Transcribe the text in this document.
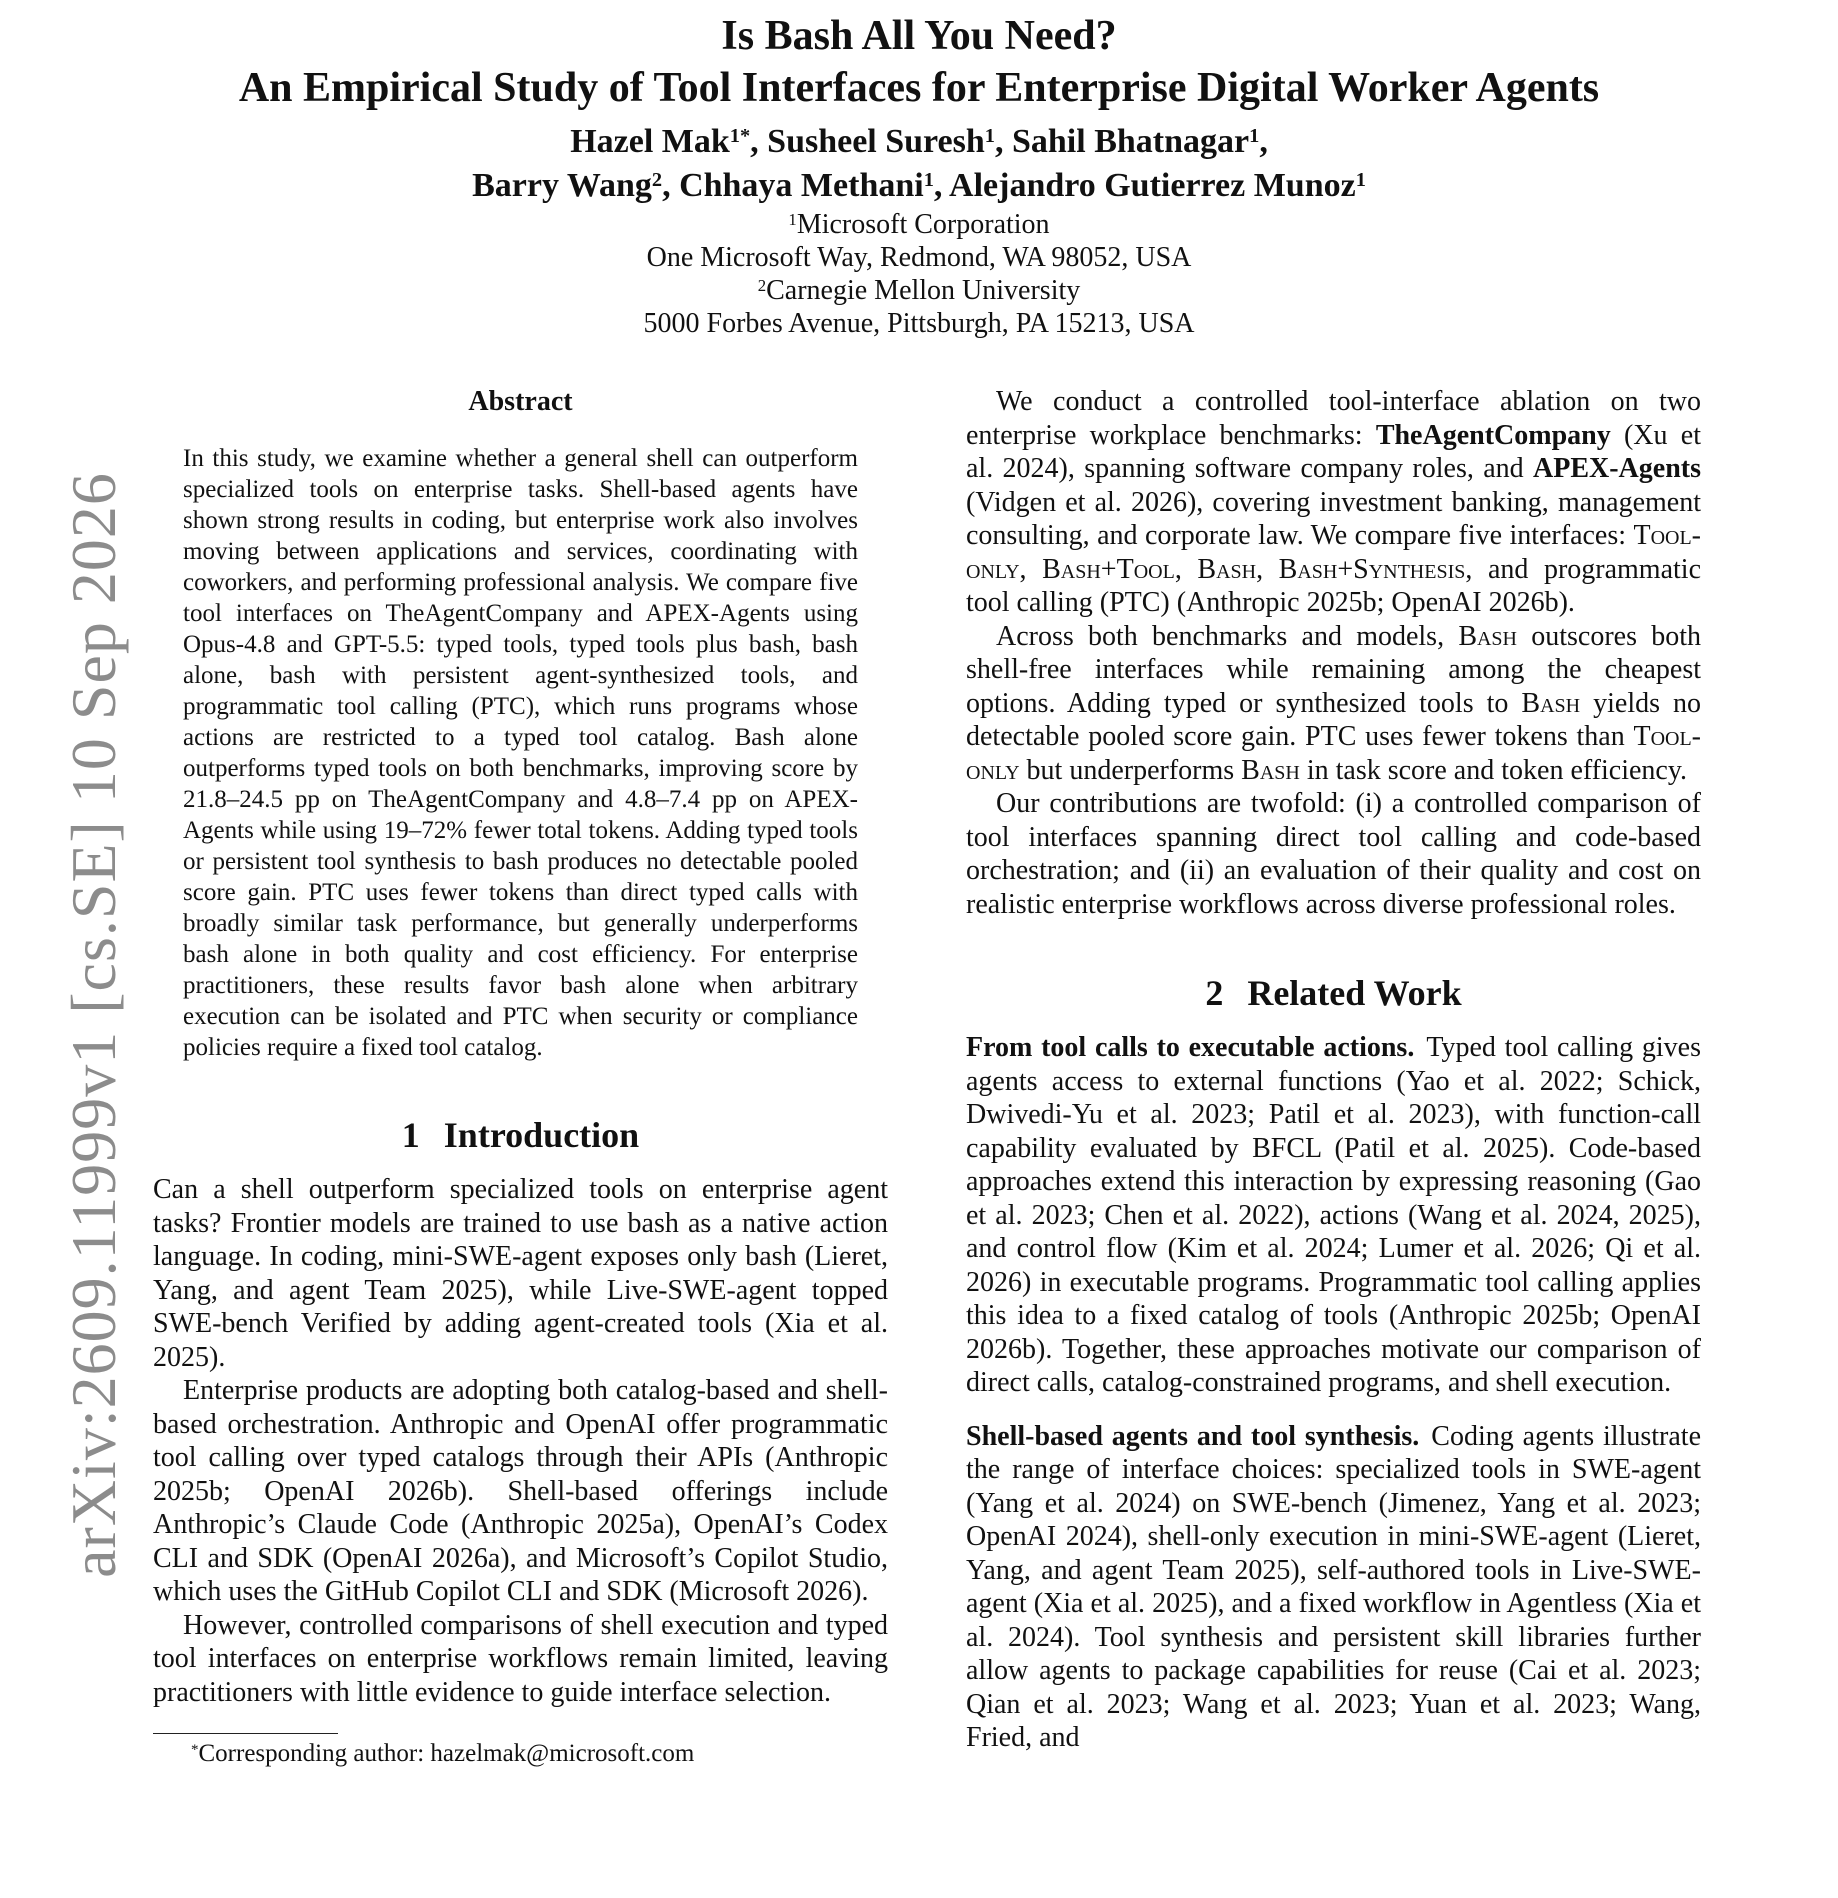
arXiv:2609.11999v1 [cs.SE] 10 Sep 2026
Is Bash All You Need?
An Empirical Study of Tool Interfaces for Enterprise Digital Worker Agents
Hazel Mak$^{1*}$, Susheel Suresh$^1$, Sahil Bhatnagar$^1$,
Barry Wang$^2$, Chhaya Methani$^1$, Alejandro Gutierrez Munoz$^1$
$^1$Microsoft Corporation
One Microsoft Way, Redmond, WA 98052, USA
$^2$Carnegie Mellon University
5000 Forbes Avenue, Pittsburgh, PA 15213, USA
Abstract
In this study, we examine whether a general shell can outperform specialized tools on enterprise tasks. Shell-based agents have shown strong results in coding, but enterprise work also involves moving between applications and services, coordinating with coworkers, and performing professional analysis. We compare five tool interfaces on TheAgentCompany and APEX-Agents using Opus-4.8 and GPT-5.5: typed tools, typed tools plus bash, bash alone, bash with persistent agent-synthesized tools, and programmatic tool calling (PTC), which runs programs whose actions are restricted to a typed tool catalog. Bash alone outperforms typed tools on both benchmarks, improving score by 21.8–24.5 pp on TheAgentCompany and 4.8–7.4 pp on APEX-Agents while using 19–72% fewer total tokens. Adding typed tools or persistent tool synthesis to bash produces no detectable pooled score gain. PTC uses fewer tokens than direct typed calls with broadly similar task performance, but generally underperforms bash alone in both quality and cost efficiency. For enterprise practitioners, these results favor bash alone when arbitrary execution can be isolated and PTC when security or compliance policies require a fixed tool catalog.
1 Introduction

Can a shell outperform specialized tools on enterprise agent tasks? Frontier models are trained to use bash as a native action language. In coding, mini-SWE-agent exposes only bash (Lieret, Yang, and agent Team 2025), while Live-SWE-agent topped SWE-bench Verified by adding agent-created tools (Xia et al. 2025).

Enterprise products are adopting both catalog-based and shell-based orchestration. Anthropic and OpenAI offer programmatic tool calling over typed catalogs through their APIs (Anthropic 2025b; OpenAI 2026b). Shell-based offerings include Anthropic’s Claude Code (Anthropic 2025a), OpenAI’s Codex CLI and SDK (OpenAI 2026a), and Microsoft’s Copilot Studio, which uses the GitHub Copilot CLI and SDK (Microsoft 2026).

However, controlled comparisons of shell execution and typed tool interfaces on enterprise workflows remain limited, leaving practitioners with little evidence to guide interface selection.

*Corresponding author: hazelmak@microsoft.com

We conduct a controlled tool-interface ablation on two enterprise workplace benchmarks: TheAgentCompany (Xu et al. 2024), spanning software company roles, and APEX-Agents (Vidgen et al. 2026), covering investment banking, management consulting, and corporate law. We compare five interfaces: Tool-only, Bash+Tool, Bash, Bash+Synthesis, and programmatic tool calling (PTC) (Anthropic 2025b; OpenAI 2026b).

Across both benchmarks and models, Bash outscores both shell-free interfaces while remaining among the cheapest options. Adding typed or synthesized tools to Bash yields no detectable pooled score gain. PTC uses fewer tokens than Tool-only but underperforms Bash in task score and token efficiency.

Our contributions are twofold: (i) a controlled comparison of tool interfaces spanning direct tool calling and code-based orchestration; and (ii) an evaluation of their quality and cost on realistic enterprise workflows across diverse professional roles.

2 Related Work

From tool calls to executable actions. Typed tool calling gives agents access to external functions (Yao et al. 2022; Schick, Dwivedi-Yu et al. 2023; Patil et al. 2023), with function-call capability evaluated by BFCL (Patil et al. 2025). Code-based approaches extend this interaction by expressing reasoning (Gao et al. 2023; Chen et al. 2022), actions (Wang et al. 2024, 2025), and control flow (Kim et al. 2024; Lumer et al. 2026; Qi et al. 2026) in executable programs. Programmatic tool calling applies this idea to a fixed catalog of tools (Anthropic 2025b; OpenAI 2026b). Together, these approaches motivate our comparison of direct calls, catalog-constrained programs, and shell execution.

Shell-based agents and tool synthesis. Coding agents illustrate the range of interface choices: specialized tools in SWE-agent (Yang et al. 2024) on SWE-bench (Jimenez, Yang et al. 2023; OpenAI 2024), shell-only execution in mini-SWE-agent (Lieret, Yang, and agent Team 2025), self-authored tools in Live-SWE-agent (Xia et al. 2025), and a fixed workflow in Agentless (Xia et al. 2024). Tool synthesis and persistent skill libraries further allow agents to package capabilities for reuse (Cai et al. 2023; Qian et al. 2023; Wang et al. 2023; Yuan et al. 2023; Wang, Fried, and
